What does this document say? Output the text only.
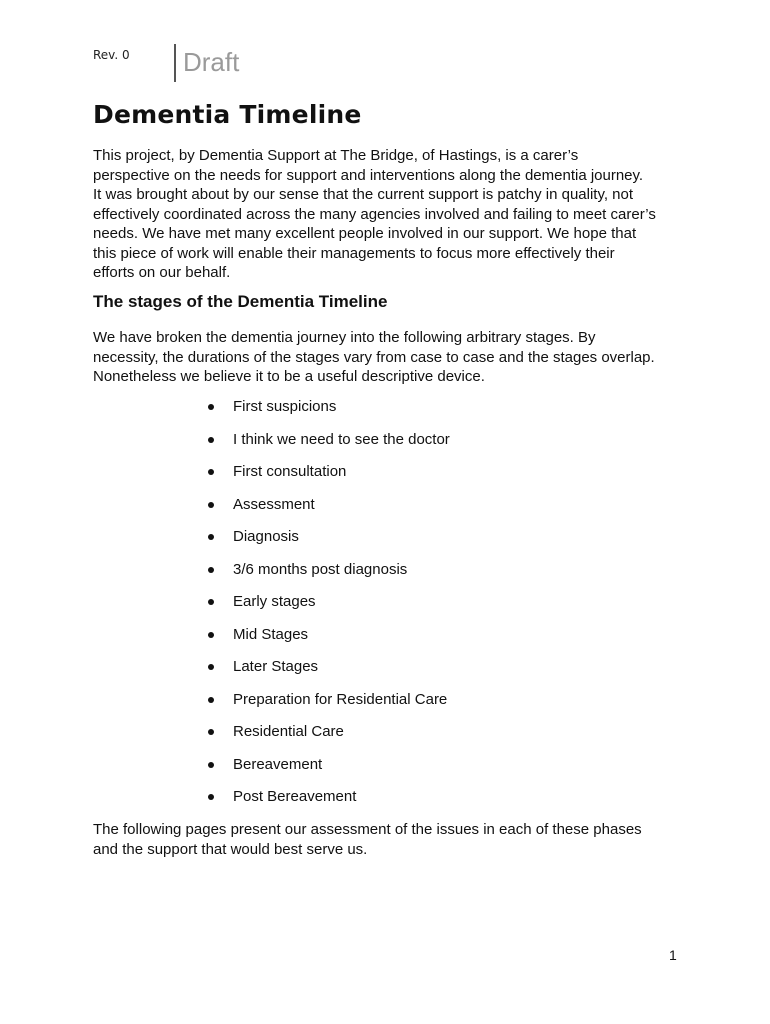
Rev. 0 Draft
Dementia Timeline

This project, by Dementia Support at The Bridge, of Hastings, is a carer’s
perspective on the needs for support and interventions along the dementia journey.
It was brought about by our sense that the current support is patchy in quality, not
effectively coordinated across the many agencies involved and failing to meet carer’s
needs. We have met many excellent people involved in our support. We hope that
this piece of work will enable their managements to focus more effectively their
efforts on our behalf.

The stages of the Dementia Timeline

We have broken the dementia journey into the following arbitrary stages. By
necessity, the durations of the stages vary from case to case and the stages overlap.
Nonetheless we believe it to be a useful descriptive device.

First suspicions
I think we need to see the doctor
First consultation
Assessment
Diagnosis
3/6 months post diagnosis
Early stages
Mid Stages
Later Stages
Preparation for Residential Care
Residential Care
Bereavement
Post Bereavement

The following pages present our assessment of the issues in each of these phases
and the support that would best serve us.

1
